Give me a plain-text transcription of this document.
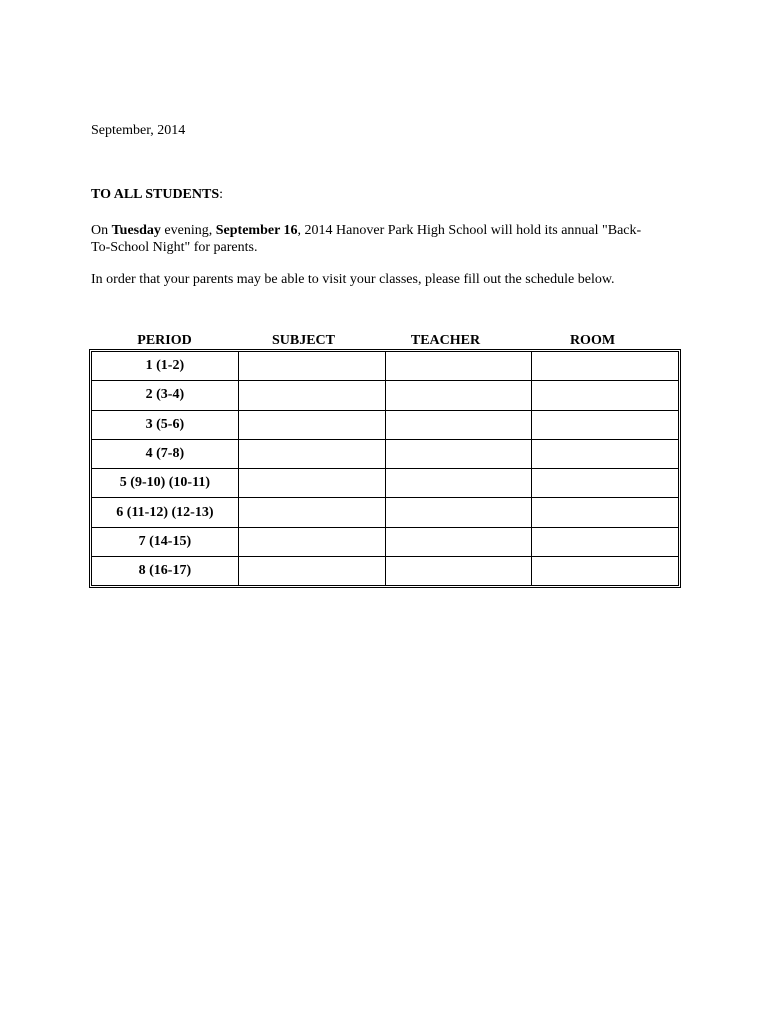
September, 2014
TO ALL STUDENTS:
On Tuesday evening, September 16, 2014 Hanover Park High School will hold its annual "Back-To-School Night" for parents.
In order that your parents may be able to visit your classes, please fill out the schedule below.
PERIOD	SUBJECT	TEACHER	ROOM
1 (1-2)			
2 (3-4)			
3 (5-6)			
4 (7-8)			
5 (9-10) (10-11)			
6 (11-12) (12-13)			
7 (14-15)			
8 (16-17)			
